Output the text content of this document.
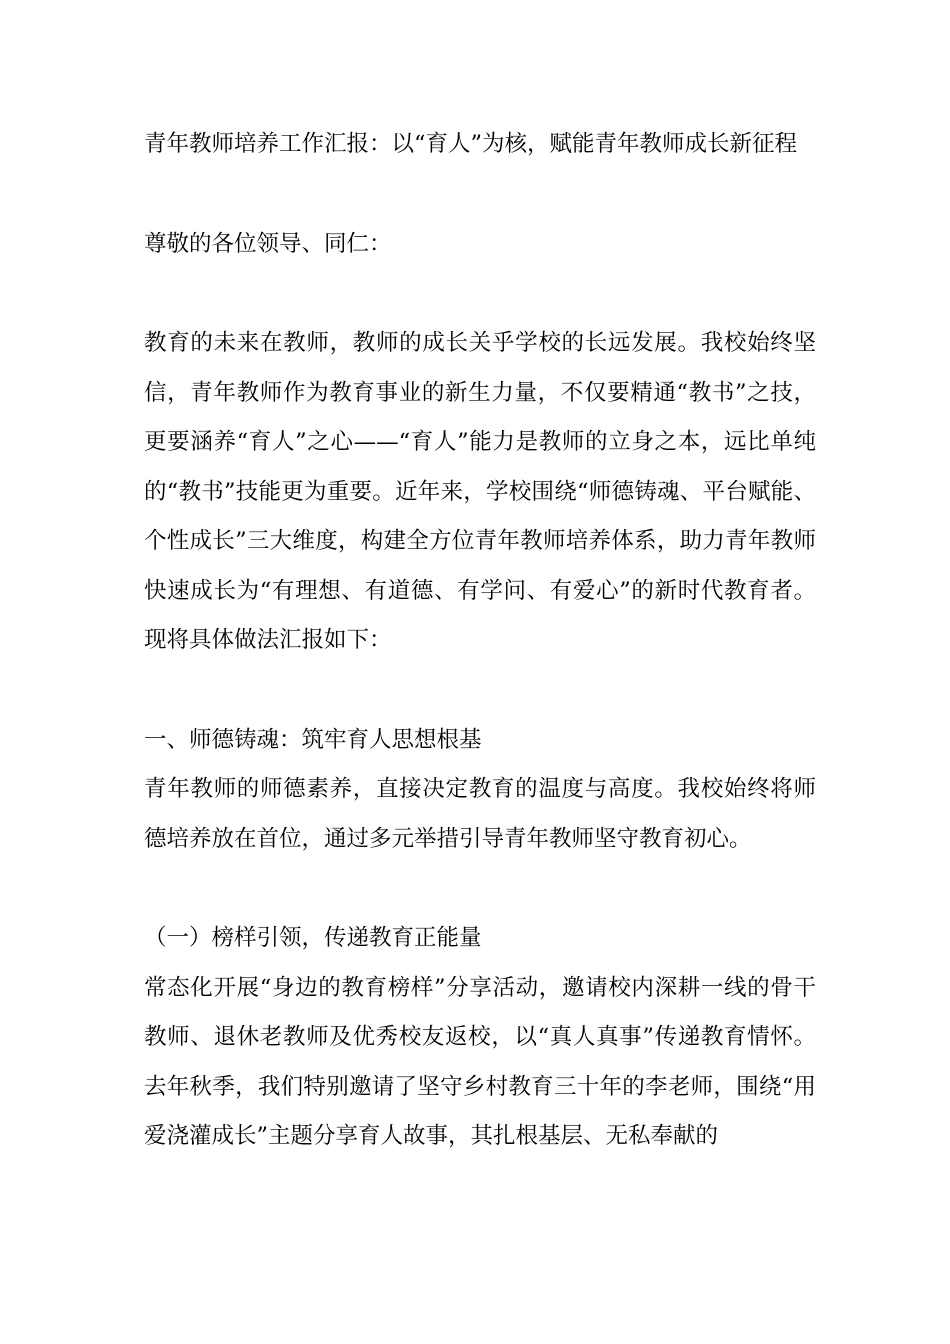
青年教师培养工作汇报：以“育人”为核，赋能青年教师成长新征程

尊敬的各位领导、同仁：

教育的未来在教师，教师的成长关乎学校的长远发展。我校始终坚信，青年教师作为教育事业的新生力量，不仅要精通“教书”之技，更要涵养“育人”之心——“育人”能力是教师的立身之本，远比单纯的“教书”技能更为重要。近年来，学校围绕“师德铸魂、平台赋能、个性成长”三大维度，构建全方位青年教师培养体系，助力青年教师快速成长为“有理想、有道德、有学问、有爱心”的新时代教育者。现将具体做法汇报如下：

一、师德铸魂：筑牢育人思想根基

青年教师的师德素养，直接决定教育的温度与高度。我校始终将师德培养放在首位，通过多元举措引导青年教师坚守教育初心。

（一）榜样引领，传递教育正能量

常态化开展“身边的教育榜样”分享活动，邀请校内深耕一线的骨干教师、退休老教师及优秀校友返校，以“真人真事”传递教育情怀。去年秋季，我们特别邀请了坚守乡村教育三十年的李老师，围绕“用爱浇灌成长”主题分享育人故事，其扎根基层、无私奉献的
